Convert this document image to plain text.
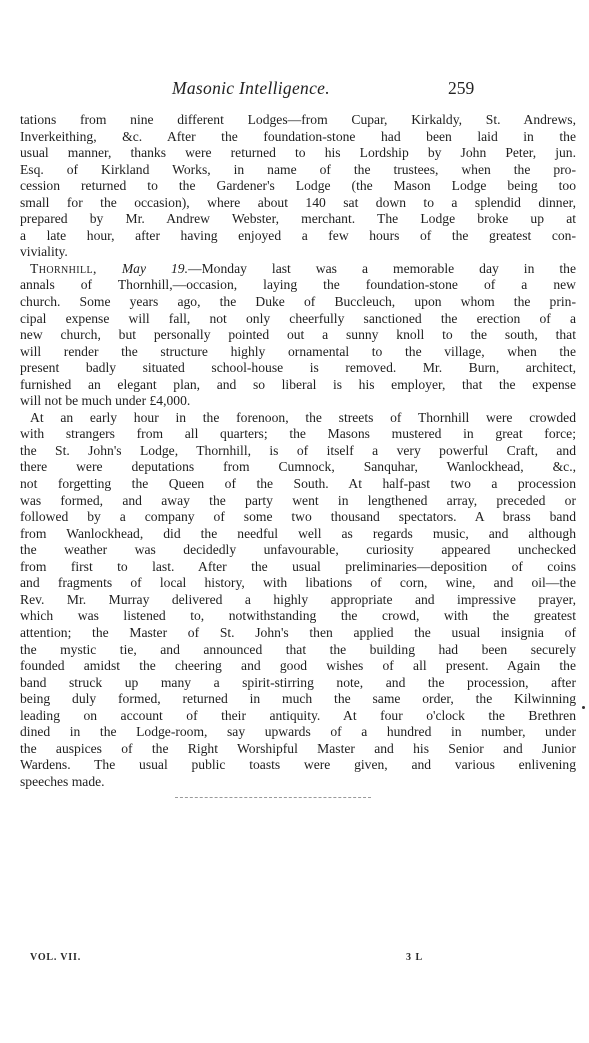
Masonic Intelligence.	259
tations from nine different Lodges—from Cupar, Kirkaldy, St. Andrews,
Inverkeithing, &c. After the foundation-stone had been laid in the
usual manner, thanks were returned to his Lordship by John Peter, jun.
Esq. of Kirkland Works, in name of the trustees, when the pro-
cession returned to the Gardener's Lodge (the Mason Lodge being too
small for the occasion), where about 140 sat down to a splendid dinner,
prepared by Mr. Andrew Webster, merchant. The Lodge broke up at
a late hour, after having enjoyed a few hours of the greatest con-
viviality.
Thornhill, May 19.—Monday last was a memorable day in the
annals of Thornhill,—occasion, laying the foundation-stone of a new
church. Some years ago, the Duke of Buccleuch, upon whom the prin-
cipal expense will fall, not only cheerfully sanctioned the erection of a
new church, but personally pointed out a sunny knoll to the south, that
will render the structure highly ornamental to the village, when the
present badly situated school-house is removed. Mr. Burn, architect,
furnished an elegant plan, and so liberal is his employer, that the expense
will not be much under £4,000.
At an early hour in the forenoon, the streets of Thornhill were crowded
with strangers from all quarters; the Masons mustered in great force;
the St. John's Lodge, Thornhill, is of itself a very powerful Craft, and
there were deputations from Cumnock, Sanquhar, Wanlockhead, &c.,
not forgetting the Queen of the South. At half-past two a procession
was formed, and away the party went in lengthened array, preceded or
followed by a company of some two thousand spectators. A brass band
from Wanlockhead, did the needful well as regards music, and although
the weather was decidedly unfavourable, curiosity appeared unchecked
from first to last. After the usual preliminaries—deposition of coins
and fragments of local history, with libations of corn, wine, and oil—the
Rev. Mr. Murray delivered a highly appropriate and impressive prayer,
which was listened to, notwithstanding the crowd, with the greatest
attention; the Master of St. John's then applied the usual insignia of
the mystic tie, and announced that the building had been securely
founded amidst the cheering and good wishes of all present. Again the
band struck up many a spirit-stirring note, and the procession, after
being duly formed, returned in much the same order, the Kilwinning
leading on account of their antiquity. At four o'clock the Brethren
dined in the Lodge-room, say upwards of a hundred in number, under
the auspices of the Right Worshipful Master and his Senior and Junior
Wardens. The usual public toasts were given, and various enlivening
speeches made.
VOL. VII.	3 L
